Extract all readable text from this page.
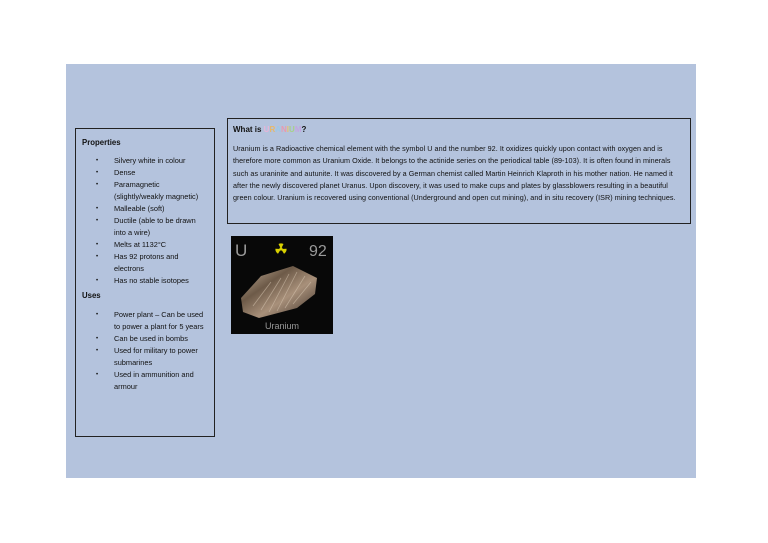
Properties
• Silvery white in colour
• Dense
• Paramagnetic (slightly/weakly magnetic)
• Malleable (soft)
• Ductile (able to be drawn into a wire)
• Melts at 1132°C
• Has 92 protons and electrons
• Has no stable isotopes
Uses
• Power plant – Can be used to power a plant for 5 years
• Can be used in bombs
• Used for military to power submarines
• Used in ammunition and armour
What is URANIUM?
Uranium is a Radioactive chemical element with the symbol U and the number 92. It oxidizes quickly upon contact with oxygen and is therefore more common as Uranium Oxide. It belongs to the actinide series on the periodical table (89-103). It is often found in minerals such as uraninite and autunite. It was discovered by a German chemist called Martin Heinrich Klaproth in his mother nation. He named it after the newly discovered planet Uranus. Upon discovery, it was used to make cups and plates by glassblowers resulting in a beautiful green colour. Uranium is recovered using conventional (Underground and open cut mining), and in situ recovery (ISR) mining techniques.
U	92
Uranium
